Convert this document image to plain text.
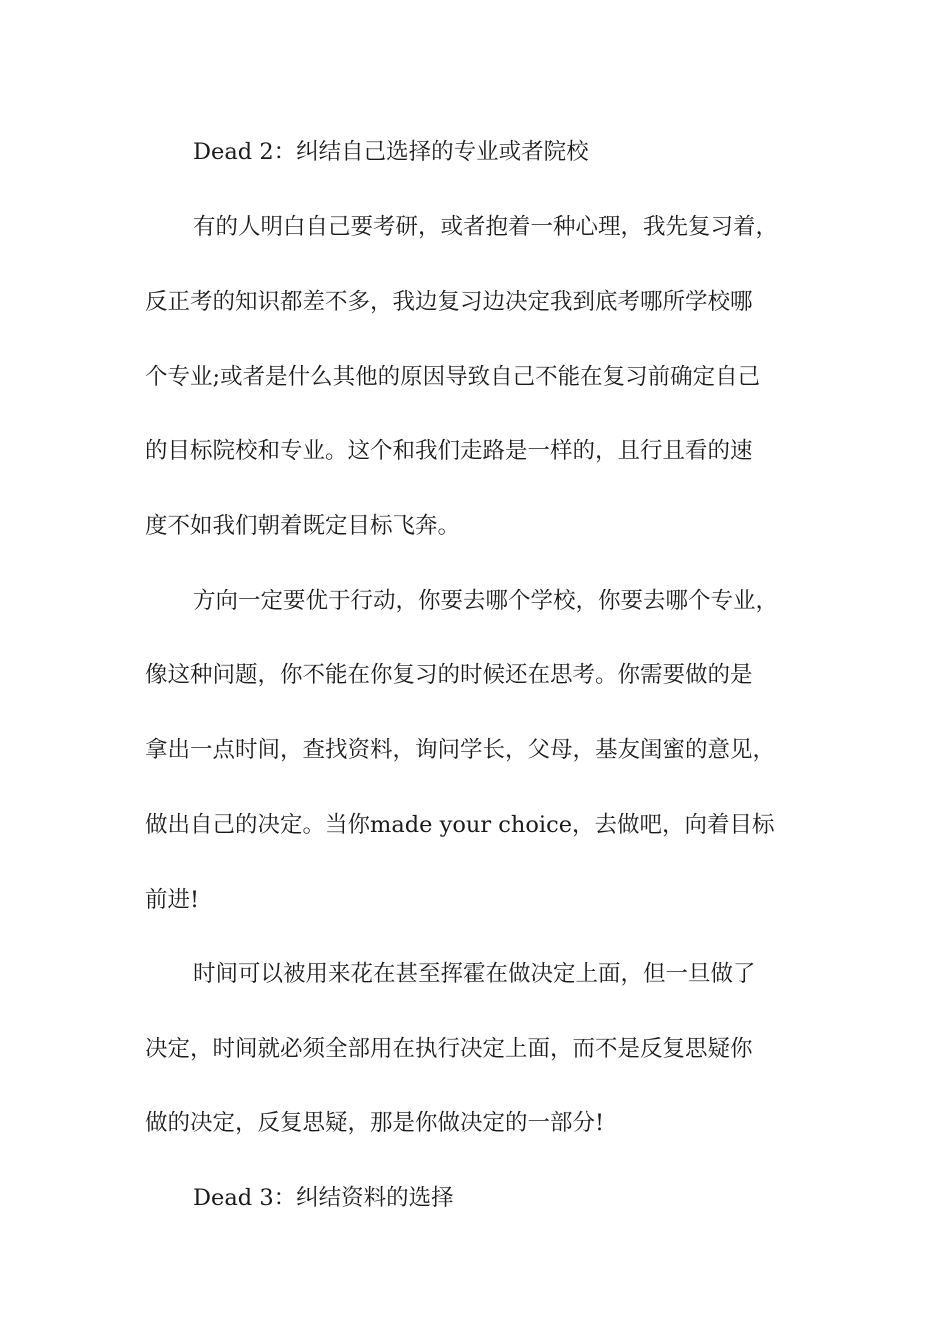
Dead 2：纠结自己选择的专业或者院校
有的人明白自己要考研，或者抱着一种心理，我先复习着，
反正考的知识都差不多，我边复习边决定我到底考哪所学校哪
个专业;或者是什么其他的原因导致自己不能在复习前确定自己
的目标院校和专业。这个和我们走路是一样的，且行且看的速
度不如我们朝着既定目标飞奔。
方向一定要优于行动，你要去哪个学校，你要去哪个专业，
像这种问题，你不能在你复习的时候还在思考。你需要做的是
拿出一点时间，查找资料，询问学长，父母，基友闺蜜的意见，
做出自己的决定。当你made your choice，去做吧，向着目标
前进!
时间可以被用来花在甚至挥霍在做决定上面，但一旦做了
决定，时间就必须全部用在执行决定上面，而不是反复思疑你
做的决定，反复思疑，那是你做决定的一部分!
Dead 3：纠结资料的选择
